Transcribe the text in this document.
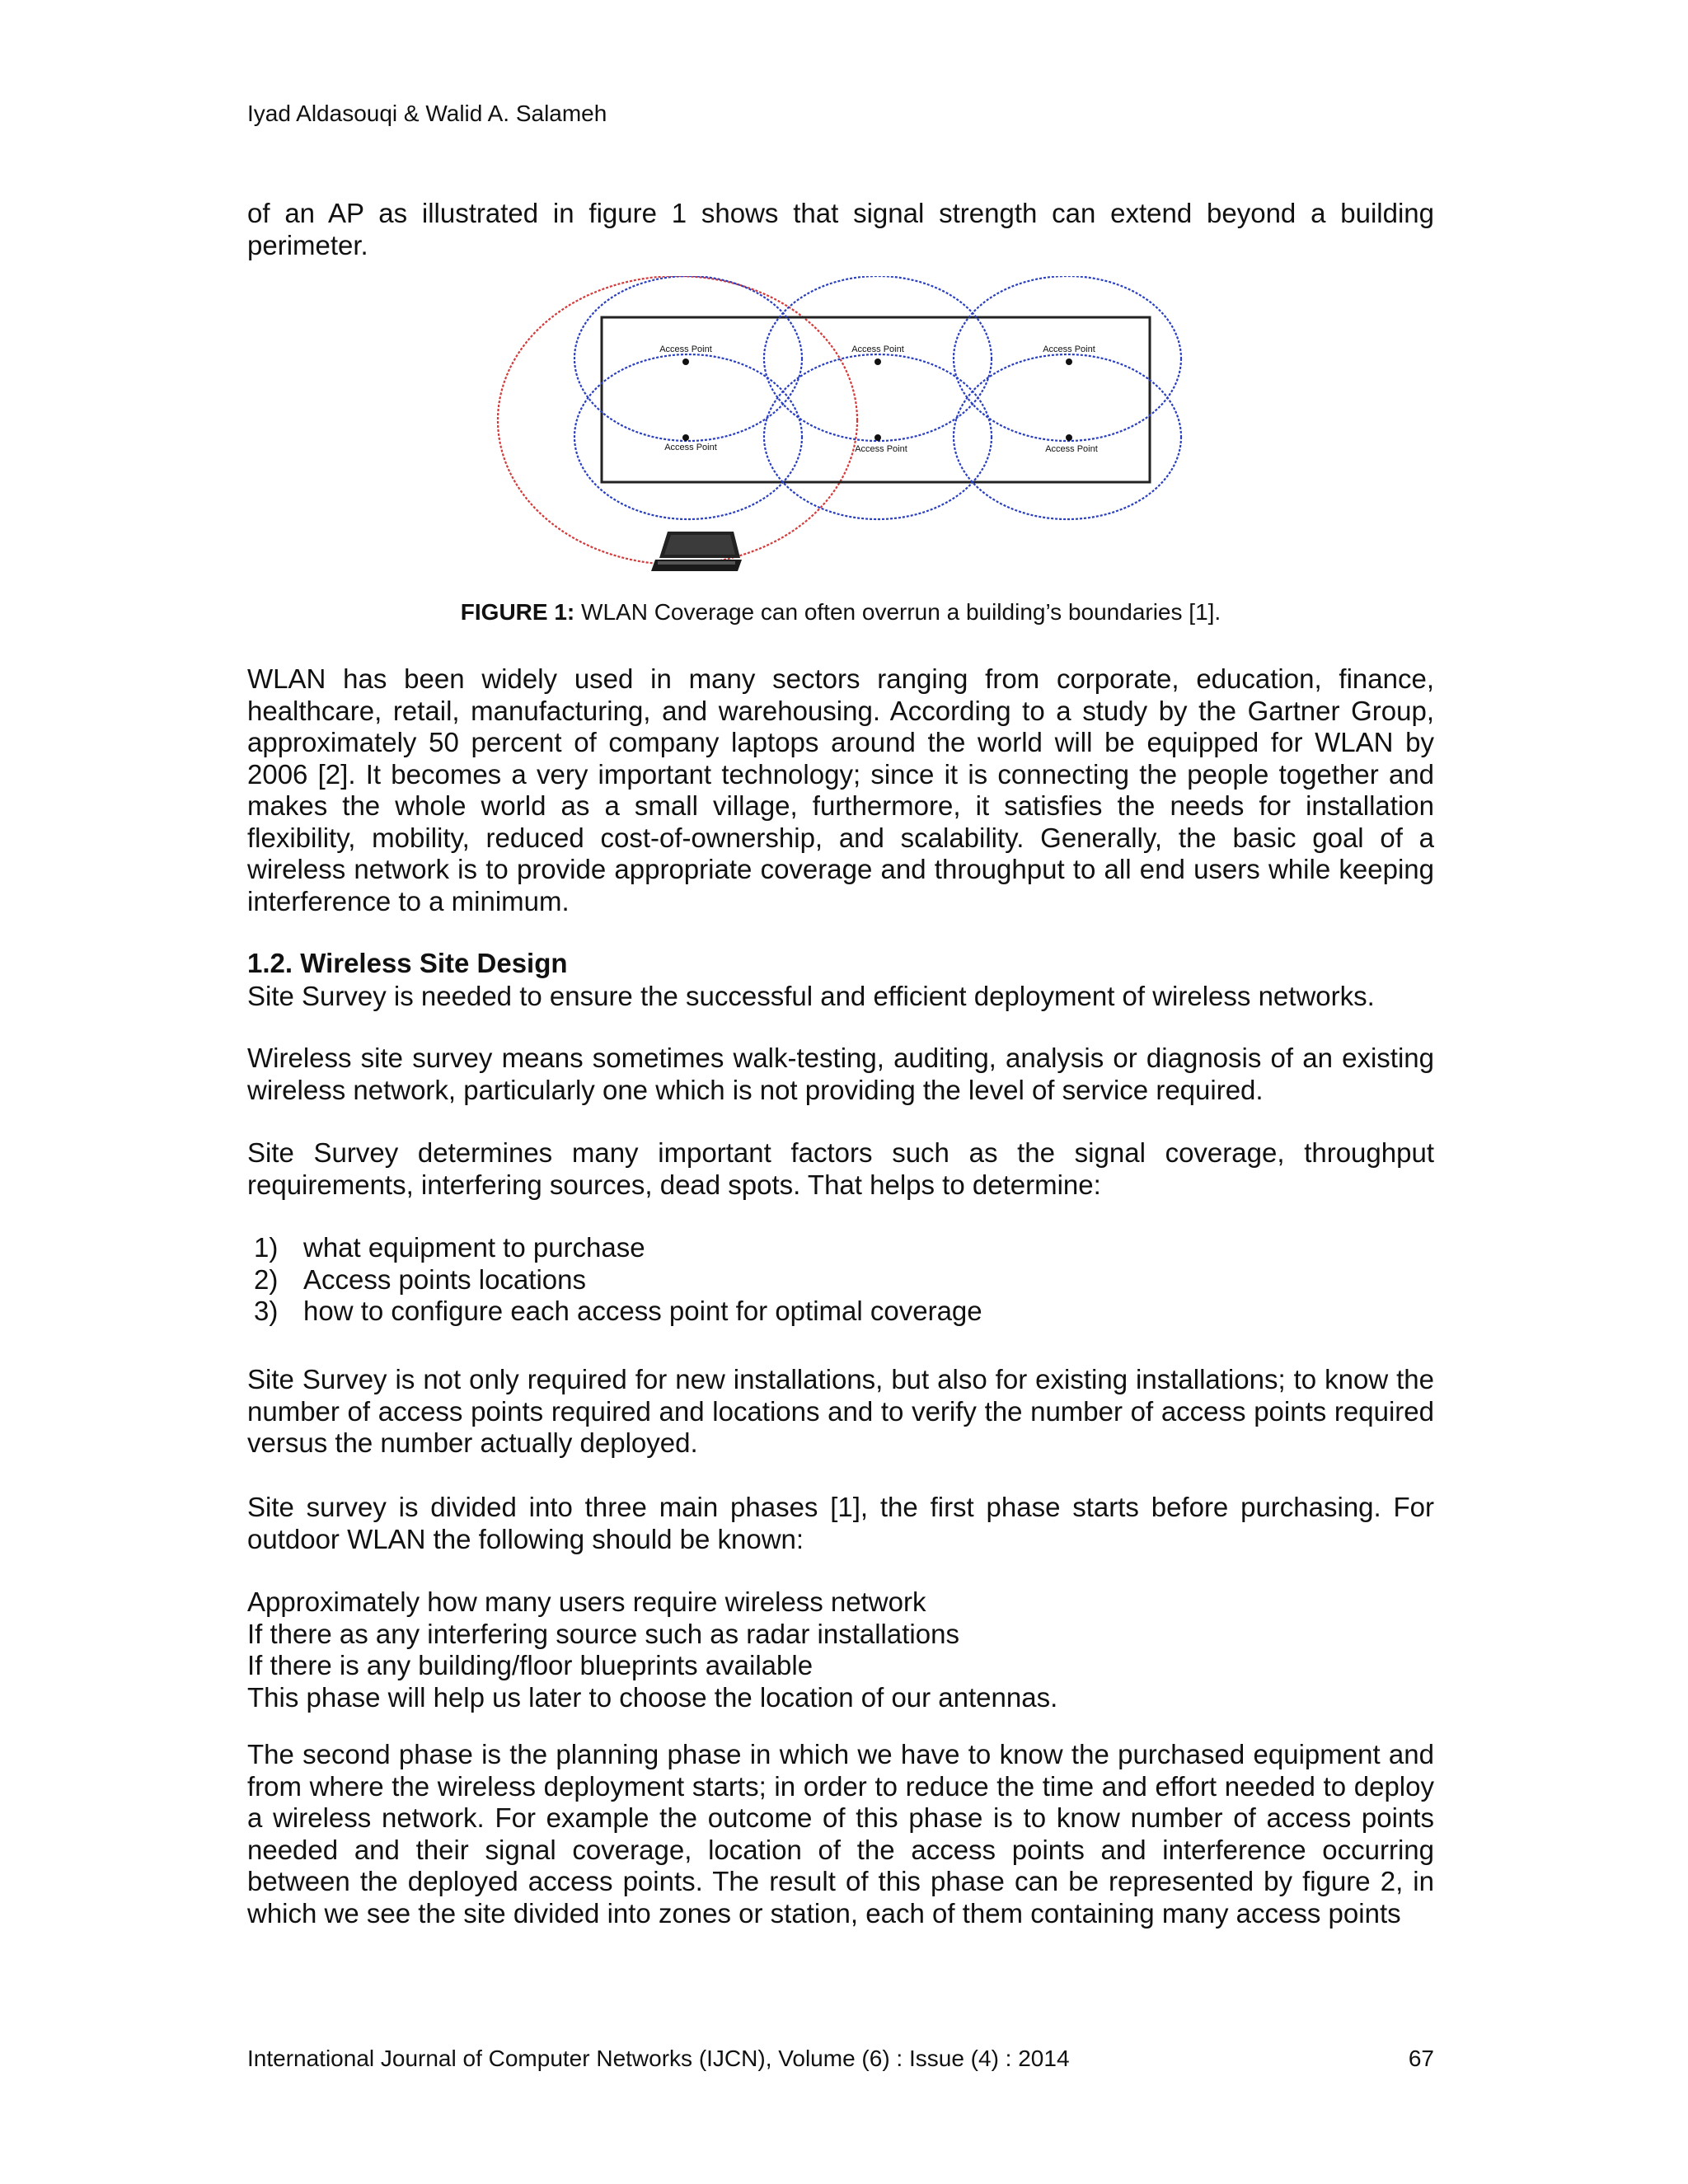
Iyad Aldasouqi & Walid A. Salameh
of an AP as illustrated in figure 1 shows that signal strength can extend beyond a building perimeter.
Access Point	Access Point	Access Point
Access Point	Access Point	Access Point
FIGURE 1: WLAN Coverage can often overrun a building’s boundaries [1].
WLAN has been widely used in many sectors ranging from corporate, education, finance, healthcare, retail, manufacturing, and warehousing. According to a study by the Gartner Group, approximately 50 percent of company laptops around the world will be equipped for WLAN by 2006 [2]. It becomes a very important technology; since it is connecting the people together and makes the whole world as a small village, furthermore, it satisfies the needs for installation flexibility, mobility, reduced cost-of-ownership, and scalability. Generally, the basic goal of a wireless network is to provide appropriate coverage and throughput to all end users while keeping interference to a minimum.
1.2. Wireless Site Design
Site Survey is needed to ensure the successful and efficient deployment of wireless networks.
Wireless site survey means sometimes walk-testing, auditing, analysis or diagnosis of an existing wireless network, particularly one which is not providing the level of service required.
Site Survey determines many important factors such as the signal coverage, throughput requirements, interfering sources, dead spots. That helps to determine:
1) what equipment to purchase
2) Access points locations
3) how to configure each access point for optimal coverage
Site Survey is not only required for new installations, but also for existing installations; to know the number of access points required and locations and to verify the number of access points required versus the number actually deployed.
Site survey is divided into three main phases [1], the first phase starts before purchasing. For outdoor WLAN the following should be known:
Approximately how many users require wireless network
If there as any interfering source such as radar installations
If there is any building/floor blueprints available
This phase will help us later to choose the location of our antennas.
The second phase is the planning phase in which we have to know the purchased equipment and from where the wireless deployment starts; in order to reduce the time and effort needed to deploy a wireless network. For example the outcome of this phase is to know number of access points needed and their signal coverage, location of the access points and interference occurring between the deployed access points. The result of this phase can be represented by figure 2, in which we see the site divided into zones or station, each of them containing many access points
International Journal of Computer Networks (IJCN), Volume (6) : Issue (4) : 2014	67
